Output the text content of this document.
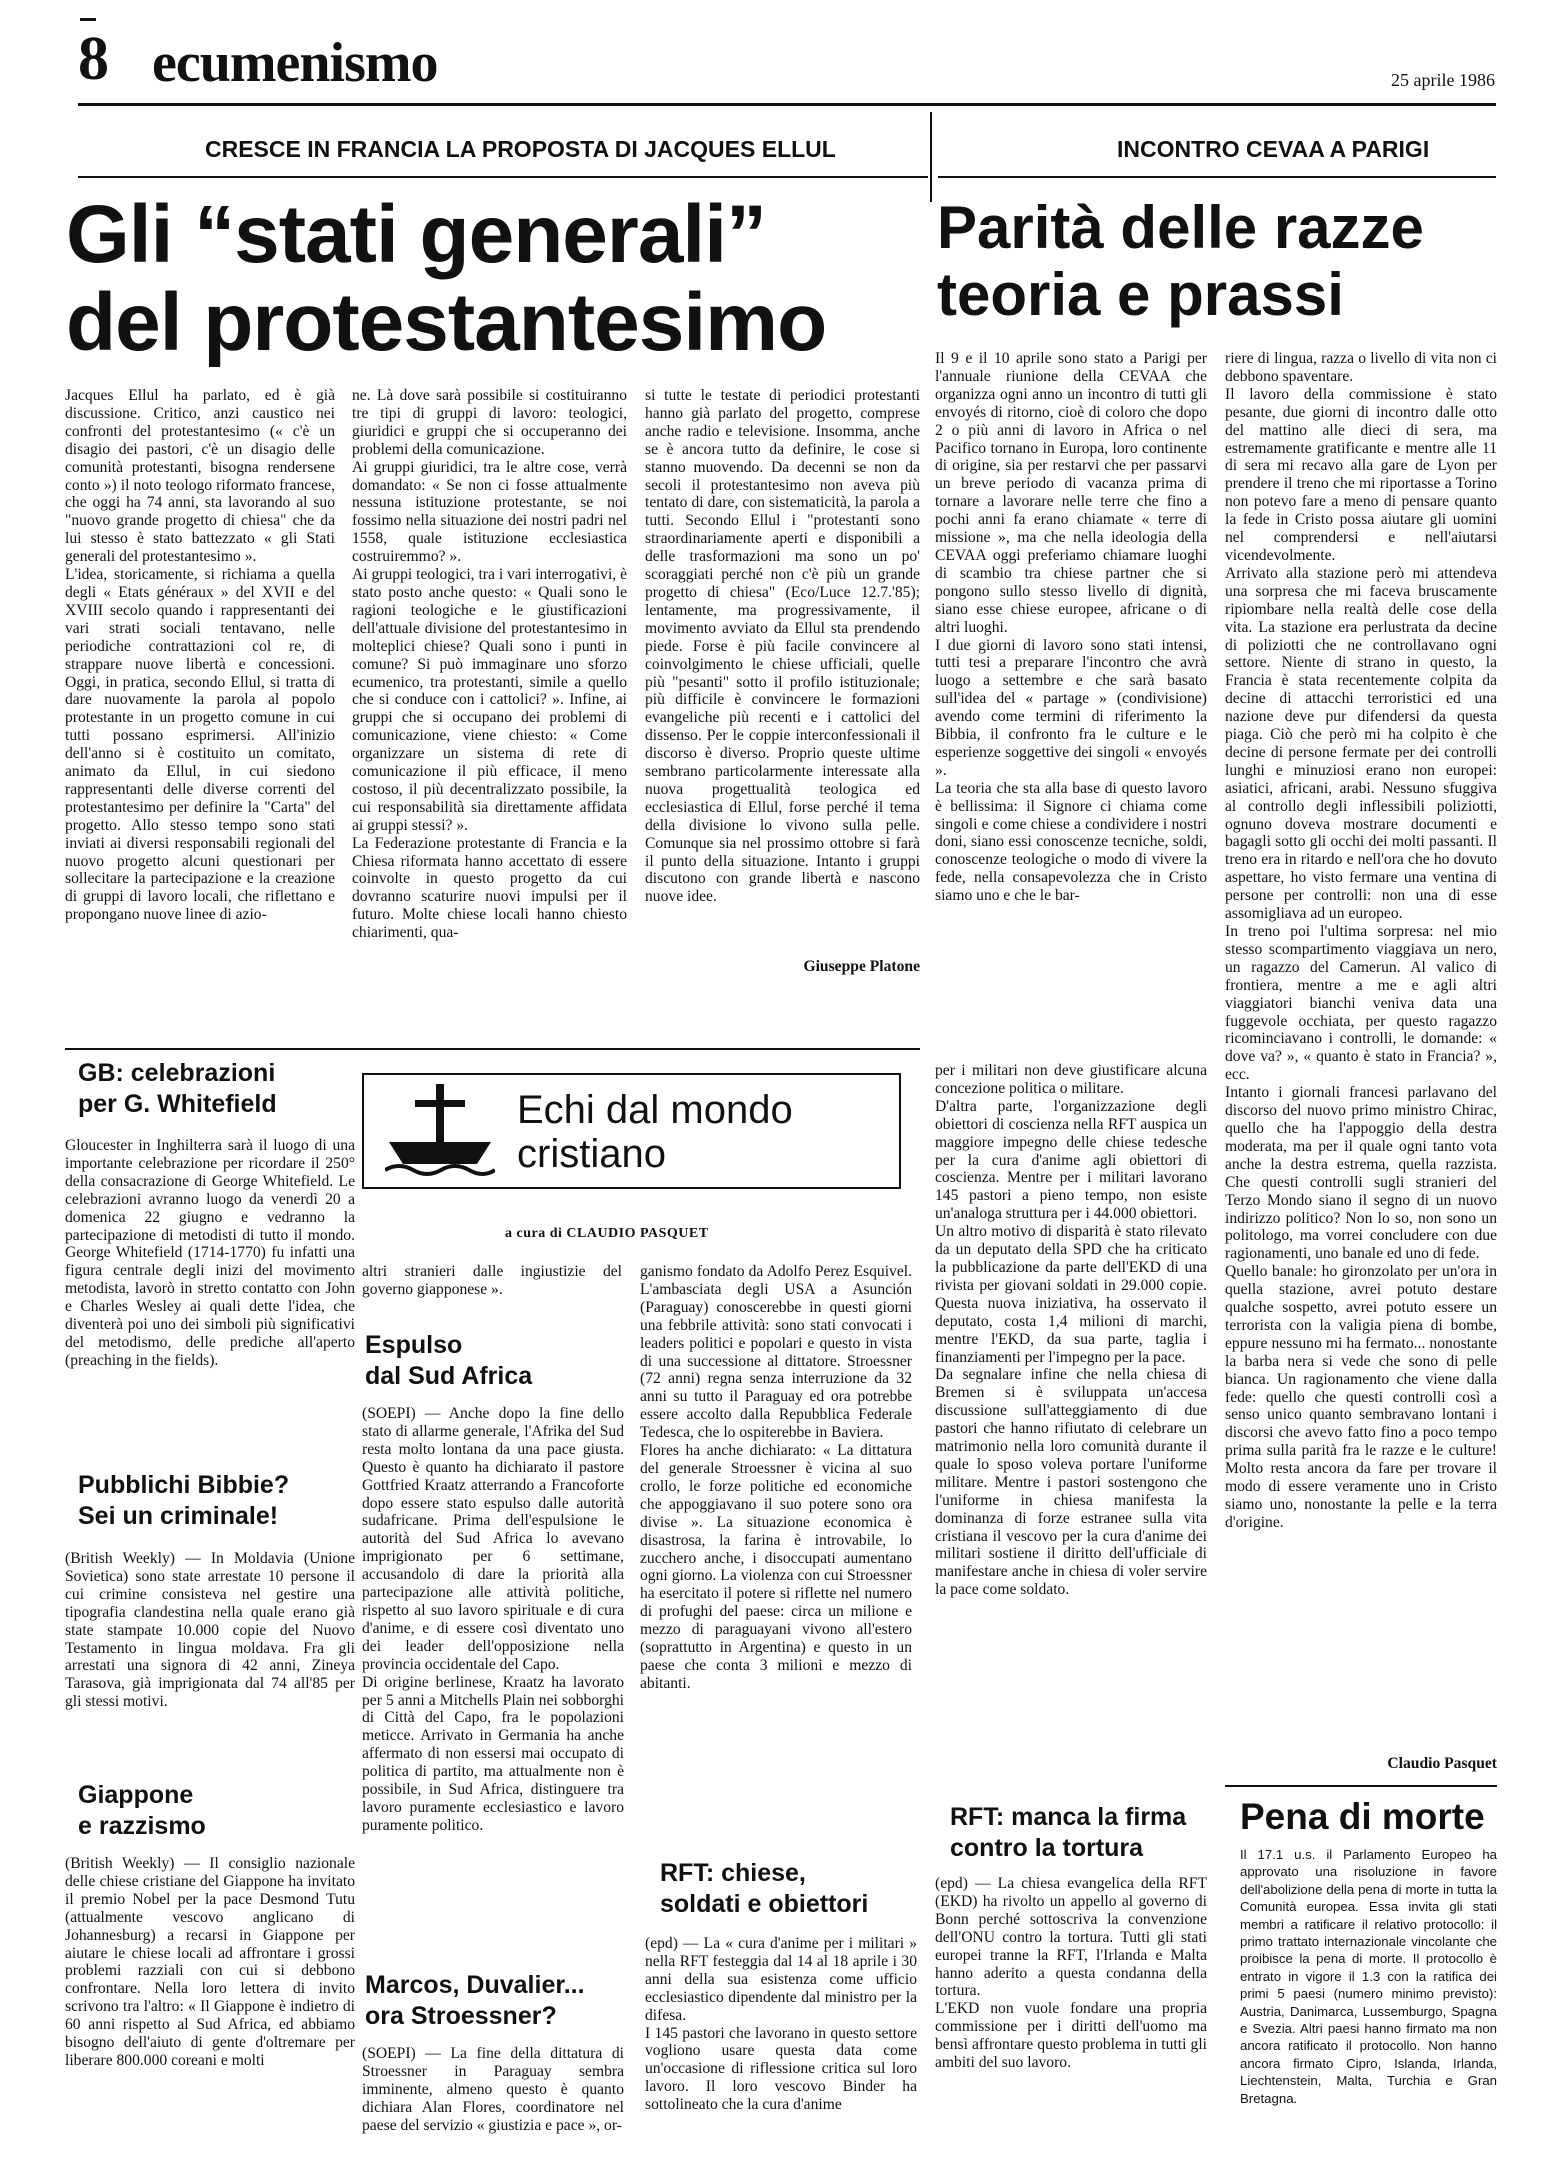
8 ecumenismo	25 aprile 1986
CRESCE IN FRANCIA LA PROPOSTA DI JACQUES ELLUL
Gli “stati generali”
del protestantesimo
Jacques Ellul ha parlato, ed è già discussione. Critico, anzi caustico nei confronti del protestantesimo (« c'è un disagio dei pastori, c'è un disagio delle comunità protestanti, bisogna rendersene conto ») il noto teologo riformato francese, che oggi ha 74 anni, sta lavorando al suo "nuovo grande progetto di chiesa" che da lui stesso è stato battezzato « gli Stati generali del protestantesimo ».
L'idea, storicamente, si richiama a quella degli « Etats généraux » del XVII e del XVIII secolo quando i rappresentanti dei vari strati sociali tentavano, nelle periodiche contrattazioni col re, di strappare nuove libertà e concessioni. Oggi, in pratica, secondo Ellul, si tratta di dare nuovamente la parola al popolo protestante in un progetto comune in cui tutti possano esprimersi. All'inizio dell'anno si è costituito un comitato, animato da Ellul, in cui siedono rappresentanti delle diverse correnti del protestantesimo per definire la "Carta" del progetto. Allo stesso tempo sono stati inviati ai diversi responsabili regionali del nuovo progetto alcuni questionari per sollecitare la partecipazione e la creazione di gruppi di lavoro locali, che riflettano e propongano nuove linee di azio-
ne. Là dove sarà possibile si costituiranno tre tipi di gruppi di lavoro: teologici, giuridici e gruppi che si occuperanno dei problemi della comunicazione.
Ai gruppi giuridici, tra le altre cose, verrà domandato: « Se non ci fosse attualmente nessuna istituzione protestante, se noi fossimo nella situazione dei nostri padri nel 1558, quale istituzione ecclesiastica costruiremmo? ».
Ai gruppi teologici, tra i vari interrogativi, è stato posto anche questo: « Quali sono le ragioni teologiche e le giustificazioni dell'attuale divisione del protestantesimo in molteplici chiese? Quali sono i punti in comune? Si può immaginare uno sforzo ecumenico, tra protestanti, simile a quello che si conduce con i cattolici? ». Infine, ai gruppi che si occupano dei problemi di comunicazione, viene chiesto: « Come organizzare un sistema di rete di comunicazione il più efficace, il meno costoso, il più decentralizzato possibile, la cui responsabilità sia direttamente affidata ai gruppi stessi? ».
La Federazione protestante di Francia e la Chiesa riformata hanno accettato di essere coinvolte in questo progetto da cui dovranno scaturire nuovi impulsi per il futuro. Molte chiese locali hanno chiesto chiarimenti, qua-
si tutte le testate di periodici protestanti hanno già parlato del progetto, comprese anche radio e televisione. Insomma, anche se è ancora tutto da definire, le cose si stanno muovendo. Da decenni se non da secoli il protestantesimo non aveva più tentato di dare, con sistematicità, la parola a tutti. Secondo Ellul i "protestanti sono straordinariamente aperti e disponibili a delle trasformazioni ma sono un po' scoraggiati perché non c'è più un grande progetto di chiesa" (Eco/Luce 12.7.'85); lentamente, ma progressivamente, il movimento avviato da Ellul sta prendendo piede. Forse è più facile convincere al coinvolgimento le chiese ufficiali, quelle più "pesanti" sotto il profilo istituzionale; più difficile è convincere le formazioni evangeliche più recenti e i cattolici del dissenso. Per le coppie interconfessionali il discorso è diverso. Proprio queste ultime sembrano particolarmente interessate alla nuova progettualità teologica ed ecclesiastica di Ellul, forse perché il tema della divisione lo vivono sulla pelle. Comunque sia nel prossimo ottobre si farà il punto della situazione. Intanto i gruppi discutono con grande libertà e nascono nuove idee.
Giuseppe Platone
INCONTRO CEVAA A PARIGI
Parità delle razze
teoria e prassi
Il 9 e il 10 aprile sono stato a Parigi per l'annuale riunione della CEVAA che organizza ogni anno un incontro di tutti gli envoyés di ritorno, cioè di coloro che dopo 2 o più anni di lavoro in Africa o nel Pacifico tornano in Europa, loro continente di origine, sia per restarvi che per passarvi un breve periodo di vacanza prima di tornare a lavorare nelle terre che fino a pochi anni fa erano chiamate « terre di missione », ma che nella ideologia della CEVAA oggi preferiamo chiamare luoghi di scambio tra chiese partner che si pongono sullo stesso livello di dignità, siano esse chiese europee, africane o di altri luoghi.
I due giorni di lavoro sono stati intensi, tutti tesi a preparare l'incontro che avrà luogo a settembre e che sarà basato sull'idea del « partage » (condivisione) avendo come termini di riferimento la Bibbia, il confronto fra le culture e le esperienze soggettive dei singoli « envoyés ».
La teoria che sta alla base di questo lavoro è bellissima: il Signore ci chiama come singoli e come chiese a condividere i nostri doni, siano essi conoscenze tecniche, soldi, conoscenze teologiche o modo di vivere la fede, nella consapevolezza che in Cristo siamo uno e che le bar-
riere di lingua, razza o livello di vita non ci debbono spaventare.
Il lavoro della commissione è stato pesante, due giorni di incontro dalle otto del mattino alle dieci di sera, ma estremamente gratificante e mentre alle 11 di sera mi recavo alla gare de Lyon per prendere il treno che mi riportasse a Torino non potevo fare a meno di pensare quanto la fede in Cristo possa aiutare gli uomini nel comprendersi e nell'aiutarsi vicendevolmente.
Arrivato alla stazione però mi attendeva una sorpresa che mi faceva bruscamente ripiombare nella realtà delle cose della vita. La stazione era perlustrata da decine di poliziotti che ne controllavano ogni settore. Niente di strano in questo, la Francia è stata recentemente colpita da decine di attacchi terroristici ed una nazione deve pur difendersi da questa piaga. Ciò che però mi ha colpito è che decine di persone fermate per dei controlli lunghi e minuziosi erano non europei: asiatici, africani, arabi. Nessuno sfuggiva al controllo degli inflessibili poliziotti, ognuno doveva mostrare documenti e bagagli sotto gli occhi dei molti passanti. Il treno era in ritardo e nell'ora che ho dovuto aspettare, ho visto fermare una ventina di persone per controlli: non una di esse assomigliava ad un europeo.
In treno poi l'ultima sorpresa: nel mio stesso scompartimento viaggiava un nero, un ragazzo del Camerun. Al valico di frontiera, mentre a me e agli altri viaggiatori bianchi veniva data una fuggevole occhiata, per questo ragazzo ricominciavano i controlli, le domande: « dove va? », « quanto è stato in Francia? », ecc.
Intanto i giornali francesi parlavano del discorso del nuovo primo ministro Chirac, quello che ha l'appoggio della destra moderata, ma per il quale ogni tanto vota anche la destra estrema, quella razzista. Che questi controlli sugli stranieri del Terzo Mondo siano il segno di un nuovo indirizzo politico? Non lo so, non sono un politologo, ma vorrei concludere con due ragionamenti, uno banale ed uno di fede.
Quello banale: ho gironzolato per un'ora in quella stazione, avrei potuto destare qualche sospetto, avrei potuto essere un terrorista con la valigia piena di bombe, eppure nessuno mi ha fermato... nonostante la barba nera si vede che sono di pelle bianca. Un ragionamento che viene dalla fede: quello che questi controlli così a senso unico quanto sembravano lontani i discorsi che avevo fatto fino a poco tempo prima sulla parità fra le razze e le culture! Molto resta ancora da fare per trovare il modo di essere veramente uno in Cristo siamo uno, nonostante la pelle e la terra d'origine.
Claudio Pasquet
GB: celebrazioni
per G. Whitefield
Gloucester in Inghilterra sarà il luogo di una importante celebrazione per ricordare il 250° della consacrazione di George Whitefield. Le celebrazioni avranno luogo da venerdì 20 a domenica 22 giugno e vedranno la partecipazione di metodisti di tutto il mondo. George Whitefield (1714-1770) fu infatti una figura centrale degli inizi del movimento metodista, lavorò in stretto contatto con John e Charles Wesley ai quali dette l'idea, che diventerà poi uno dei simboli più significativi del metodismo, delle prediche all'aperto (preaching in the fields).
Pubblichi Bibbie?
Sei un criminale!
(British Weekly) — In Moldavia (Unione Sovietica) sono state arrestate 10 persone il cui crimine consisteva nel gestire una tipografia clandestina nella quale erano già state stampate 10.000 copie del Nuovo Testamento in lingua moldava. Fra gli arrestati una signora di 42 anni, Zineya Tarasova, già imprigionata dal 74 all'85 per gli stessi motivi.
Giappone
e razzismo
(British Weekly) — Il consiglio nazionale delle chiese cristiane del Giappone ha invitato il premio Nobel per la pace Desmond Tutu (attualmente vescovo anglicano di Johannesburg) a recarsi in Giappone per aiutare le chiese locali ad affrontare i grossi problemi razziali con cui si debbono confrontare. Nella loro lettera di invito scrivono tra l'altro: « Il Giappone è indietro di 60 anni rispetto al Sud Africa, ed abbiamo bisogno dell'aiuto di gente d'oltremare per liberare 800.000 coreani e molti
Echi dal mondo
cristiano
a cura di CLAUDIO PASQUET
altri stranieri dalle ingiustizie del governo giapponese ».
Espulso
dal Sud Africa
(SOEPI) — Anche dopo la fine dello stato di allarme generale, l'Afrika del Sud resta molto lontana da una pace giusta. Questo è quanto ha dichiarato il pastore Gottfried Kraatz atterrando a Francoforte dopo essere stato espulso dalle autorità sudafricane. Prima dell'espulsione le autorità del Sud Africa lo avevano imprigionato per 6 settimane, accusandolo di dare la priorità alla partecipazione alle attività politiche, rispetto al suo lavoro spirituale e di cura d'anime, e di essere così diventato uno dei leader dell'opposizione nella provincia occidentale del Capo.
Di origine berlinese, Kraatz ha lavorato per 5 anni a Mitchells Plain nei sobborghi di Città del Capo, fra le popolazioni meticce. Arrivato in Germania ha anche affermato di non essersi mai occupato di politica di partito, ma attualmente non è possibile, in Sud Africa, distinguere tra lavoro puramente ecclesiastico e lavoro puramente politico.
Marcos, Duvalier...
ora Stroessner?
(SOEPI) — La fine della dittatura di Stroessner in Paraguay sembra imminente, almeno questo è quanto dichiara Alan Flores, coordinatore nel paese del servizio « giustizia e pace », or-
ganismo fondato da Adolfo Perez Esquivel. L'ambasciata degli USA a Asunción (Paraguay) conoscerebbe in questi giorni una febbrile attività: sono stati convocati i leaders politici e popolari e questo in vista di una successione al dittatore. Stroessner (72 anni) regna senza interruzione da 32 anni su tutto il Paraguay ed ora potrebbe essere accolto dalla Repubblica Federale Tedesca, che lo ospiterebbe in Baviera.
Flores ha anche dichiarato: « La dittatura del generale Stroessner è vicina al suo crollo, le forze politiche ed economiche che appoggiavano il suo potere sono ora divise ». La situazione economica è disastrosa, la farina è introvabile, lo zucchero anche, i disoccupati aumentano ogni giorno. La violenza con cui Stroessner ha esercitato il potere si riflette nel numero di profughi del paese: circa un milione e mezzo di paraguayani vivono all'estero (soprattutto in Argentina) e questo in un paese che conta 3 milioni e mezzo di abitanti.
RFT: chiese,
soldati e obiettori
(epd) — La « cura d'anime per i militari » nella RFT festeggia dal 14 al 18 aprile i 30 anni della sua esistenza come ufficio ecclesiastico dipendente dal ministro per la difesa.
I 145 pastori che lavorano in questo settore vogliono usare questa data come un'occasione di riflessione critica sul loro lavoro. Il loro vescovo Binder ha sottolineato che la cura d'anime
per i militari non deve giustificare alcuna concezione politica o militare.
D'altra parte, l'organizzazione degli obiettori di coscienza nella RFT auspica un maggiore impegno delle chiese tedesche per la cura d'anime agli obiettori di coscienza. Mentre per i militari lavorano 145 pastori a pieno tempo, non esiste un'analoga struttura per i 44.000 obiettori.
Un altro motivo di disparità è stato rilevato da un deputato della SPD che ha criticato la pubblicazione da parte dell'EKD di una rivista per giovani soldati in 29.000 copie. Questa nuova iniziativa, ha osservato il deputato, costa 1,4 milioni di marchi, mentre l'EKD, da sua parte, taglia i finanziamenti per l'impegno per la pace.
Da segnalare infine che nella chiesa di Bremen si è sviluppata un'accesa discussione sull'atteggiamento di due pastori che hanno rifiutato di celebrare un matrimonio nella loro comunità durante il quale lo sposo voleva portare l'uniforme militare. Mentre i pastori sostengono che l'uniforme in chiesa manifesta la dominanza di forze estranee sulla vita cristiana il vescovo per la cura d'anime dei militari sostiene il diritto dell'ufficiale di manifestare anche in chiesa di voler servire la pace come soldato.
RFT: manca la firma
contro la tortura
(epd) — La chiesa evangelica della RFT (EKD) ha rivolto un appello al governo di Bonn perché sottoscriva la convenzione dell'ONU contro la tortura. Tutti gli stati europei tranne la RFT, l'Irlanda e Malta hanno aderito a questa condanna della tortura.
L'EKD non vuole fondare una propria commissione per i diritti dell'uomo ma bensì affrontare questo problema in tutti gli ambiti del suo lavoro.
Pena di morte
Il 17.1 u.s. il Parlamento Europeo ha approvato una risoluzione in favore dell'abolizione della pena di morte in tutta la Comunità europea. Essa invita gli stati membri a ratificare il relativo protocollo: il primo trattato internazionale vincolante che proibisce la pena di morte. Il protocollo è entrato in vigore il 1.3 con la ratifica dei primi 5 paesi (numero minimo previsto): Austria, Danimarca, Lussemburgo, Spagna e Svezia. Altri paesi hanno firmato ma non ancora ratificato il protocollo. Non hanno ancora firmato Cipro, Islanda, Irlanda, Liechtenstein, Malta, Turchia e Gran Bretagna.
